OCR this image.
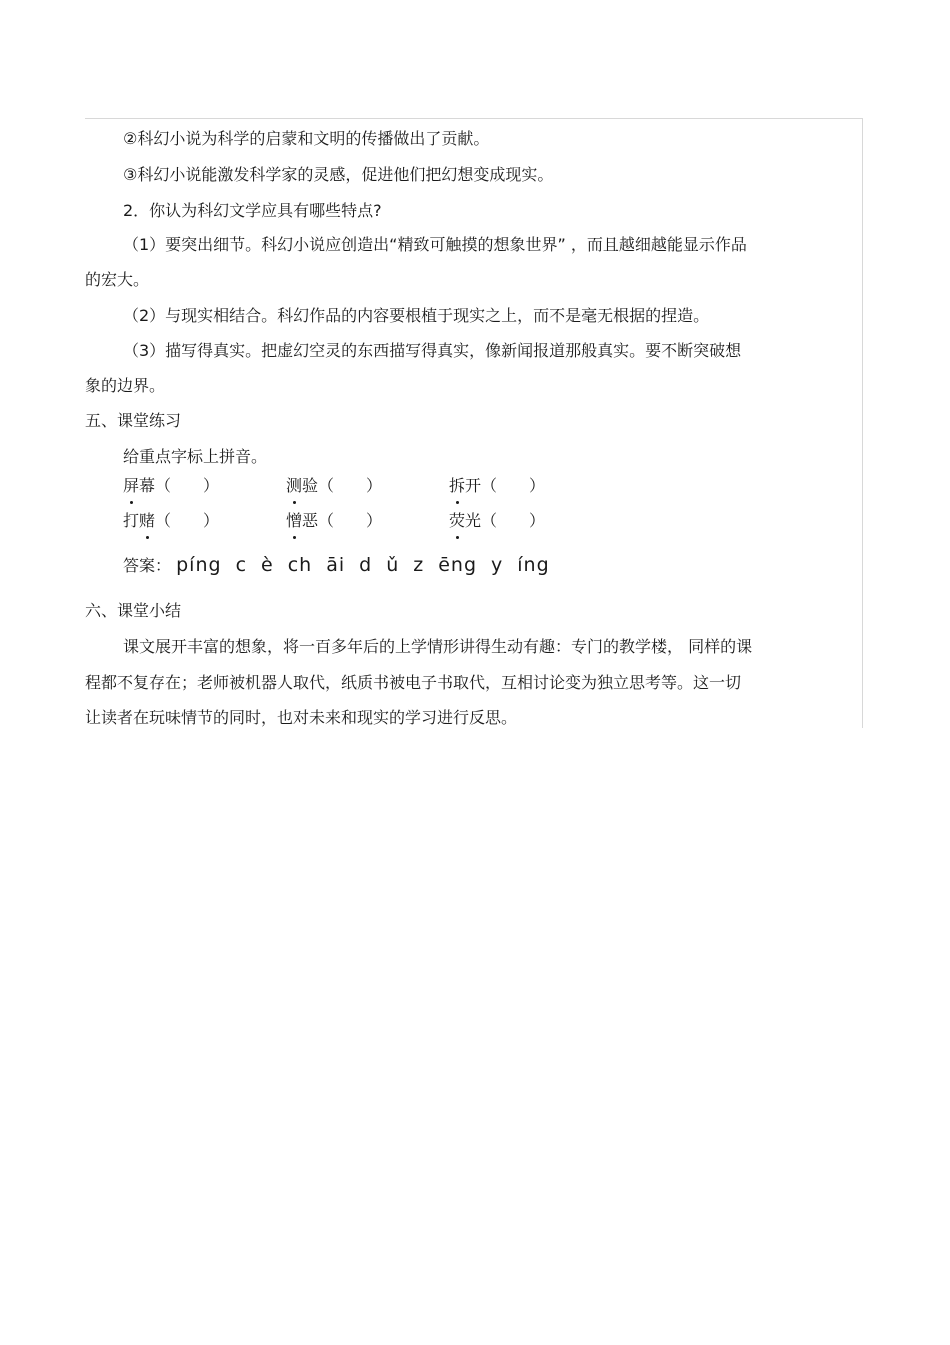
②科幻小说为科学的启蒙和文明的传播做出了贡献。
③科幻小说能激发科学家的灵感，促进他们把幻想变成现实。
2．你认为科幻文学应具有哪些特点?
（1）要突出细节。科幻小说应创造出“精致可触摸的想象世界” ，而且越细越能显示作品
的宏大。
（2）与现实相结合。科幻作品的内容要根植于现实之上，而不是毫无根据的捏造。
（3）描写得真实。把虚幻空灵的东西描写得真实，像新闻报道那般真实。要不断突破想
象的边界。
五、课堂练习
给重点字标上拼音。
屏幕（　　）	测验（　　）	拆开（　　）
打赌（　　）	憎恶（　　）	荧光（　　）
答案： píng c è ch āi d ǔ z ēng y íng
六、课堂小结
课文展开丰富的想象，将一百多年后的上学情形讲得生动有趣：专门的教学楼， 同样的课
程都不复存在；老师被机器人取代，纸质书被电子书取代，互相讨论变为独立思考等。这一切
让读者在玩味情节的同时，也对未来和现实的学习进行反思。
